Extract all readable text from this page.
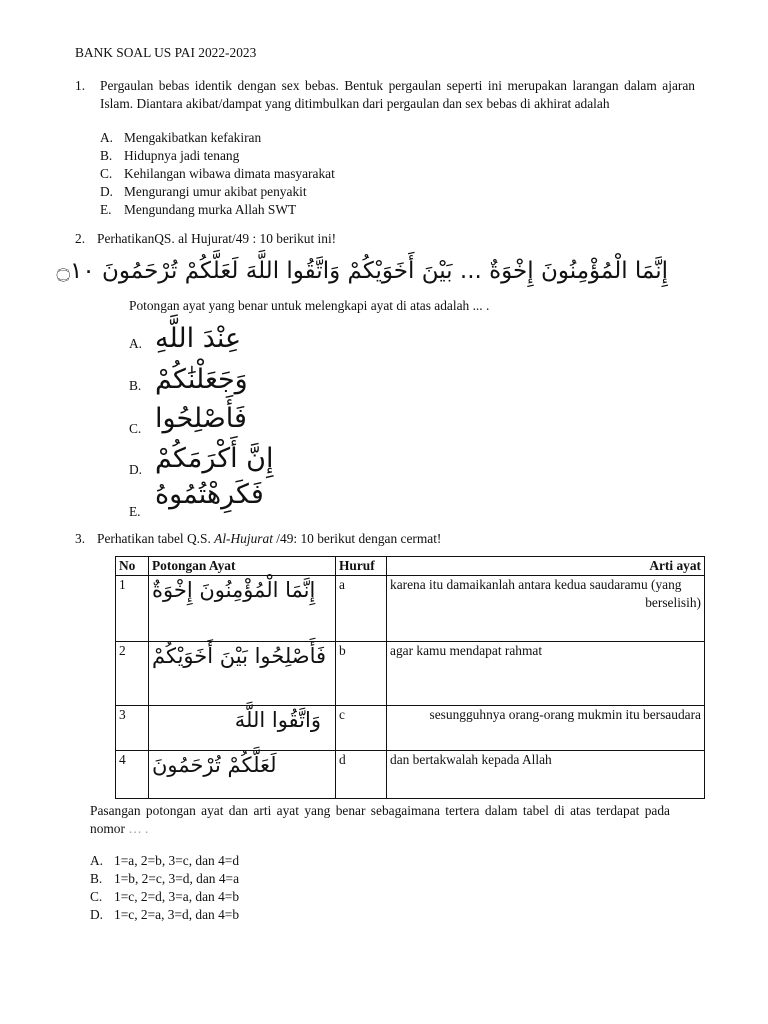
BANK SOAL US PAI 2022-2023
1.	Pergaulan bebas identik dengan sex bebas. Bentuk pergaulan seperti ini merupakan larangan dalam ajaran Islam. Diantara akibat/dampat yang ditimbulkan dari pergaulan dan sex bebas di akhirat adalah
A. Mengakibatkan kefakiran
B. Hidupnya jadi tenang
C. Kehilangan wibawa dimata masyarakat
D. Mengurangi umur akibat penyakit
E. Mengundang murka Allah SWT
2. PerhatikanQS. al Hujurat/49 : 10 berikut ini!
إِنَّمَا الْمُؤْمِنُونَ إِخْوَةٌ ... بَيْنَ أَخَوَيْكُمْ وَاتَّقُوا اللَّهَ لَعَلَّكُمْ تُرْحَمُونَ ۝١٠
Potongan ayat yang benar untuk melengkapi ayat di atas adalah ... .
A. عِنْدَ اللَّهِ
B. وَجَعَلْنَٰكُمْ
C. فَأَصْلِحُوا
D. إِنَّ أَكْرَمَكُمْ
E.
فَكَرِهْتُمُوهُ
3. Perhatikan tabel Q.S. Al-Hujurat /49: 10 berikut dengan cermat!
No	Potongan Ayat	Huruf	Arti ayat
1	إِنَّمَا الْمُؤْمِنُونَ إِخْوَةٌ	a	karena itu damaikanlah antara kedua saudaramu (yang berselisih)
2	فَأَصْلِحُوا بَيْنَ أَخَوَيْكُمْ	b	agar kamu mendapat rahmat
3	وَاتَّقُوا اللَّهَ	c	sesungguhnya orang-orang mukmin itu bersaudara
4	لَعَلَّكُمْ تُرْحَمُونَ	d	dan bertakwalah kepada Allah
Pasangan potongan ayat dan arti ayat yang benar sebagaimana tertera dalam tabel di atas terdapat pada nomor … .
A. 1=a, 2=b, 3=c, dan 4=d
B. 1=b, 2=c, 3=d, dan 4=a
C. 1=c, 2=d, 3=a, dan 4=b
D. 1=c, 2=a, 3=d, dan 4=b
